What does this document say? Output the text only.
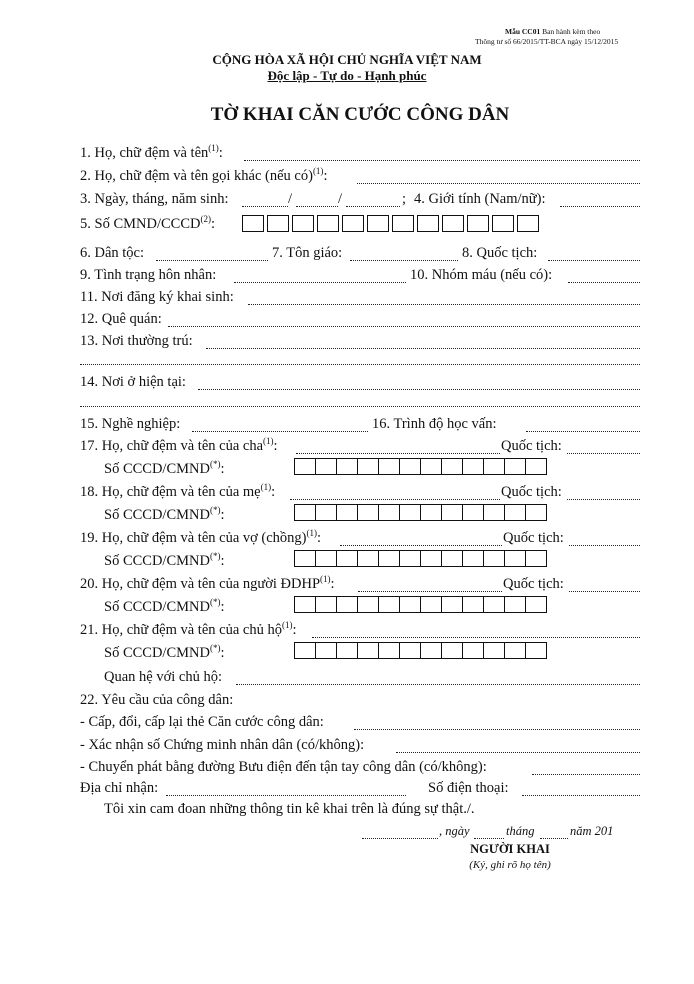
Mẫu CC01 Ban hành kèm theo
Thông tư số 66/2015/TT-BCA ngày 15/12/2015
CỘNG HÒA XÃ HỘI CHỦ NGHĨA VIỆT NAM
Độc lập - Tự do - Hạnh phúc
TỜ KHAI CĂN CƯỚC CÔNG DÂN
1. Họ, chữ đệm và tên$^{(1)}$:
2. Họ, chữ đệm và tên gọi khác (nếu có)$^{(1)}$:
3. Ngày, tháng, năm sinh:	/	/	; 4. Giới tính (Nam/nữ):
5. Số CMND/CCCD$^{(2)}$:
6. Dân tộc:	7. Tôn giáo:	8. Quốc tịch:
9. Tình trạng hôn nhân:	10. Nhóm máu (nếu có):
11. Nơi đăng ký khai sinh:
12. Quê quán:
13. Nơi thường trú:
14. Nơi ở hiện tại:
15. Nghề nghiệp:	16. Trình độ học vấn:
17. Họ, chữ đệm và tên của cha$^{(1)}$:	Quốc tịch:
Số CCCD/CMND(*):
18. Họ, chữ đệm và tên của mẹ$^{(1)}$:	Quốc tịch:
Số CCCD/CMND(*):
19. Họ, chữ đệm và tên của vợ (chồng)$^{(1)}$:	Quốc tịch:
Số CCCD/CMND(*):
20. Họ, chữ đệm và tên của người ĐDHP$^{(1)}$:	Quốc tịch:
Số CCCD/CMND(*):
21. Họ, chữ đệm và tên của chủ hộ$^{(1)}$:
Số CCCD/CMND(*):
Quan hệ với chủ hộ:
22. Yêu cầu của công dân:
- Cấp, đổi, cấp lại thẻ Căn cước công dân:
- Xác nhận số Chứng minh nhân dân (có/không):
- Chuyển phát bằng đường Bưu điện đến tận tay công dân (có/không):
Địa chỉ nhận:	Số điện thoại:
Tôi xin cam đoan những thông tin kê khai trên là đúng sự thật./.
, ngày	tháng	năm 201
NGƯỜI KHAI
(Ký, ghi rõ họ tên)
